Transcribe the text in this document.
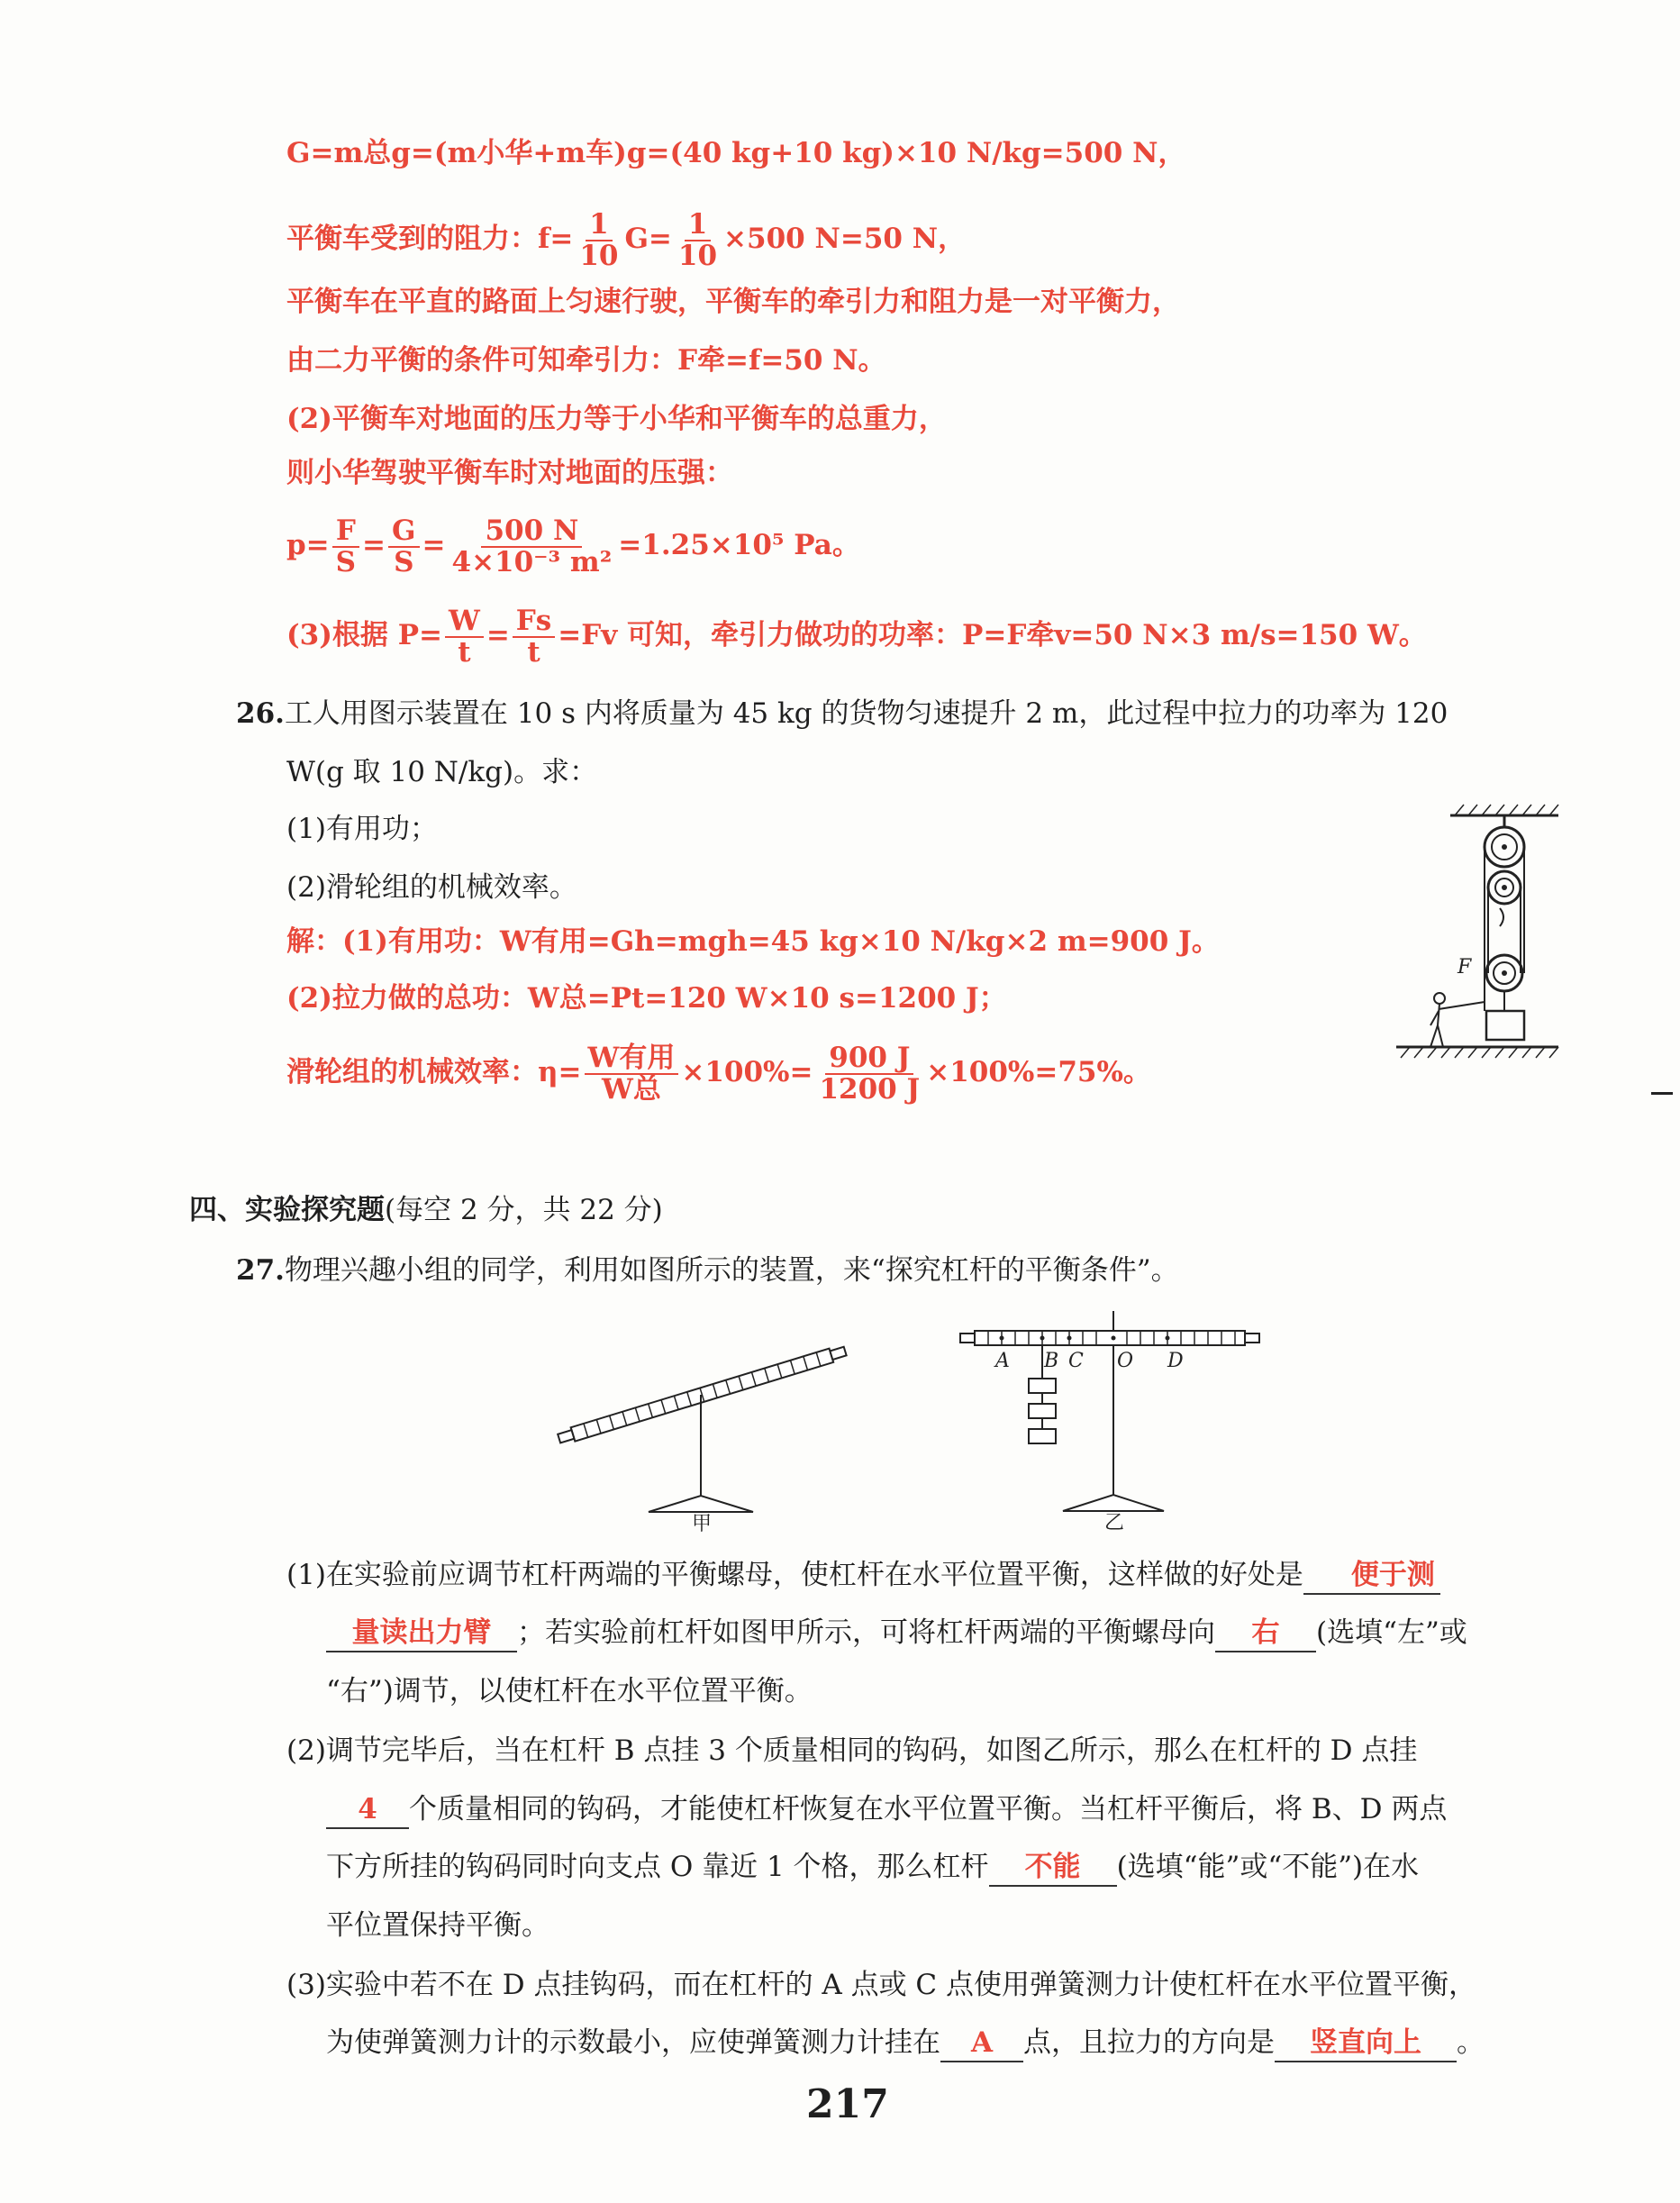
G=m总g=(m小华+m车)g=(40 kg+10 kg)×10 N/kg=500 N，
平衡车受到的阻力：$f= \frac{1}{10} G= \frac{1}{10} \times 500$ N=50 N，
平衡车在平直的路面上匀速行驶，平衡车的牵引力和阻力是一对平衡力，
由二力平衡的条件可知牵引力：F牵=f=50 N。
(2)平衡车对地面的压力等于小华和平衡车的总重力，
则小华驾驶平衡车时对地面的压强：
$p= \frac{F}{S} = \frac{G}{S} = \frac{500 N}{\text{4×10⁻³ m²}} =1.25\times 10^5$ Pa。
(3)根据 $P= \frac{W}{t} = \frac{Fs}{t} =Fv$ 可知，牵引力做功的功率：P=F牵v=50 N×3 m/s=150 W。
26.工人用图示装置在 10 s 内将质量为 45 kg 的货物匀速提升 2 m，此过程中拉力的功率为 120
W(g 取 10 N/kg)。求：
(1)有用功；
(2)滑轮组的机械效率。
解：(1)有用功：W有用=Gh=mgh=45 kg×10 N/kg×2 m=900 J。
(2)拉力做的总功：W总=Pt=120 W×10 s=1200 J；
滑轮组的机械效率：$\eta= \frac{\text{W有用}}{\text{W总}} \times 100\%= \frac{900 J}{1200 J} \times 100\%=75\%$。
F
四、实验探究题(每空 2 分，共 22 分)
27.物理兴趣小组的同学，利用如图所示的装置，来“探究杠杆的平衡条件”。
甲
A B C O D
乙
(1)在实验前应调节杠杆两端的平衡螺母，使杠杆在水平位置平衡，这样做的好处是 便于测
量读出力臂 ；若实验前杠杆如图甲所示，可将杠杆两端的平衡螺母向 右 (选填“左”或
“右”)调节，以使杠杆在水平位置平衡。
(2)调节完毕后，当在杠杆 B 点挂 3 个质量相同的钩码，如图乙所示，那么在杠杆的 D 点挂
4 个质量相同的钩码，才能使杠杆恢复在水平位置平衡。当杠杆平衡后，将 B、D 两点
下方所挂的钩码同时向支点 O 靠近 1 个格，那么杠杆 不能 (选填“能”或“不能”)在水
平位置保持平衡。
(3)实验中若不在 D 点挂钩码，而在杠杆的 A 点或 C 点使用弹簧测力计使杠杆在水平位置平衡，
为使弹簧测力计的示数最小，应使弹簧测力计挂在 A 点，且拉力的方向是 竖直向上 。
217
